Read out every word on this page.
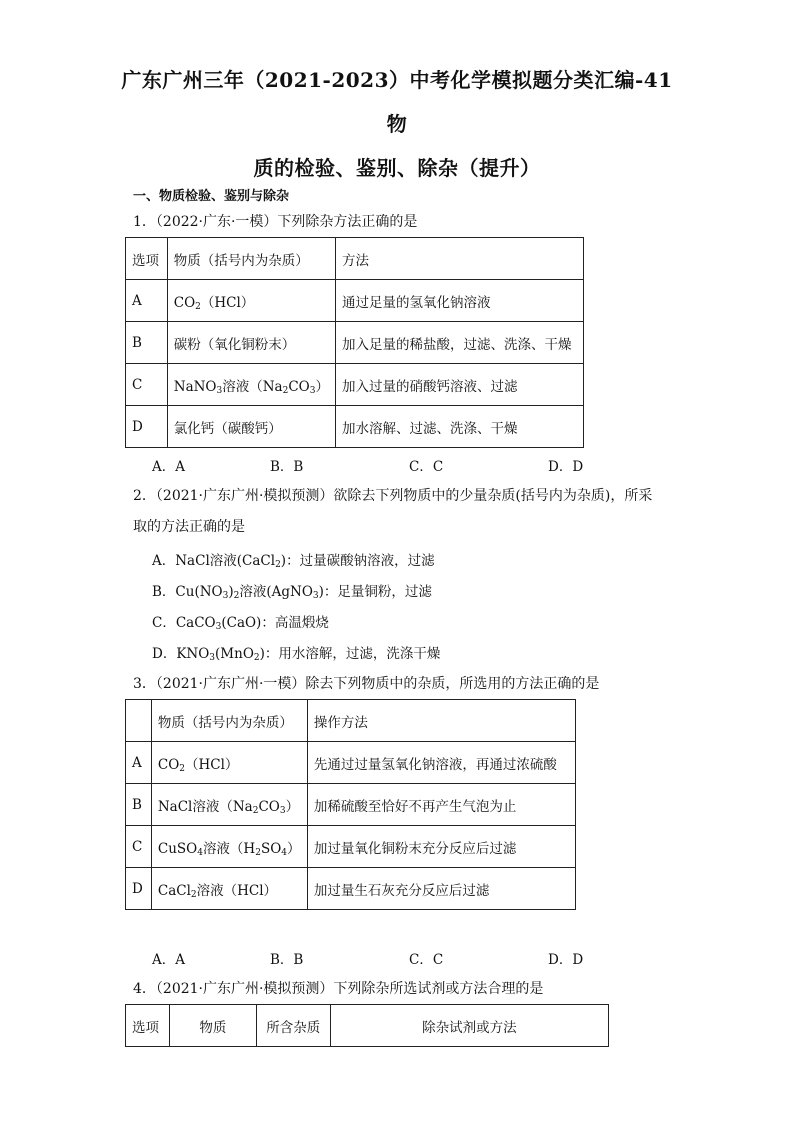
广东广州三年（2021-2023）中考化学模拟题分类汇编-41物
质的检验、鉴别、除杂（提升）
一、物质检验、鉴别与除杂
1．（2022·广东·一模）下列除杂方法正确的是
选项	物质（括号内为杂质）	方法
A	$CO_2(HCl)$	通过足量的氢氧化钠溶液
B	碳粉（氧化铜粉末）	加入足量的稀盐酸，过滤、洗涤、干燥
C	NaNO$_3$溶液$(Na_2CO_3)$	加入过量的硝酸钙溶液、过滤
D	氯化钙（碳酸钙）	加水溶解、过滤、洗涤、干燥
A．A	B．B	C．C	D．D
2．（2021·广东广州·模拟预测）欲除去下列物质中的少量杂质(括号内为杂质)，所采取的方法正确的是
A．NaCl溶液(CaCl$_2$)：过量碳酸钠溶液，过滤
B．$Cu(NO_3)_2$溶液(AgNO$_3$)：足量铜粉，过滤
C．CaCO$_3$(CaO)：高温煅烧
D．$KNO_3(MnO_2)$：用水溶解，过滤，洗涤干燥
3．（2021·广东广州·一模）除去下列物质中的杂质，所选用的方法正确的是
	物质（括号内为杂质）	操作方法
A	$CO_2(HCl)$	先通过过量氢氧化钠溶液，再通过浓硫酸
B	NaCl溶液$(Na_2CO_3)$	加稀硫酸至恰好不再产生气泡为止
C	CuSO$_4$溶液$(H_2SO_4)$	加过量氧化铜粉末充分反应后过滤
D	CaCl$_2$溶液（HCl）	加过量生石灰充分反应后过滤
A．A	B．B	C．C	D．D
4．（2021·广东广州·模拟预测）下列除杂所选试剂或方法合理的是
选项	物质	所含杂质	除杂试剂或方法
